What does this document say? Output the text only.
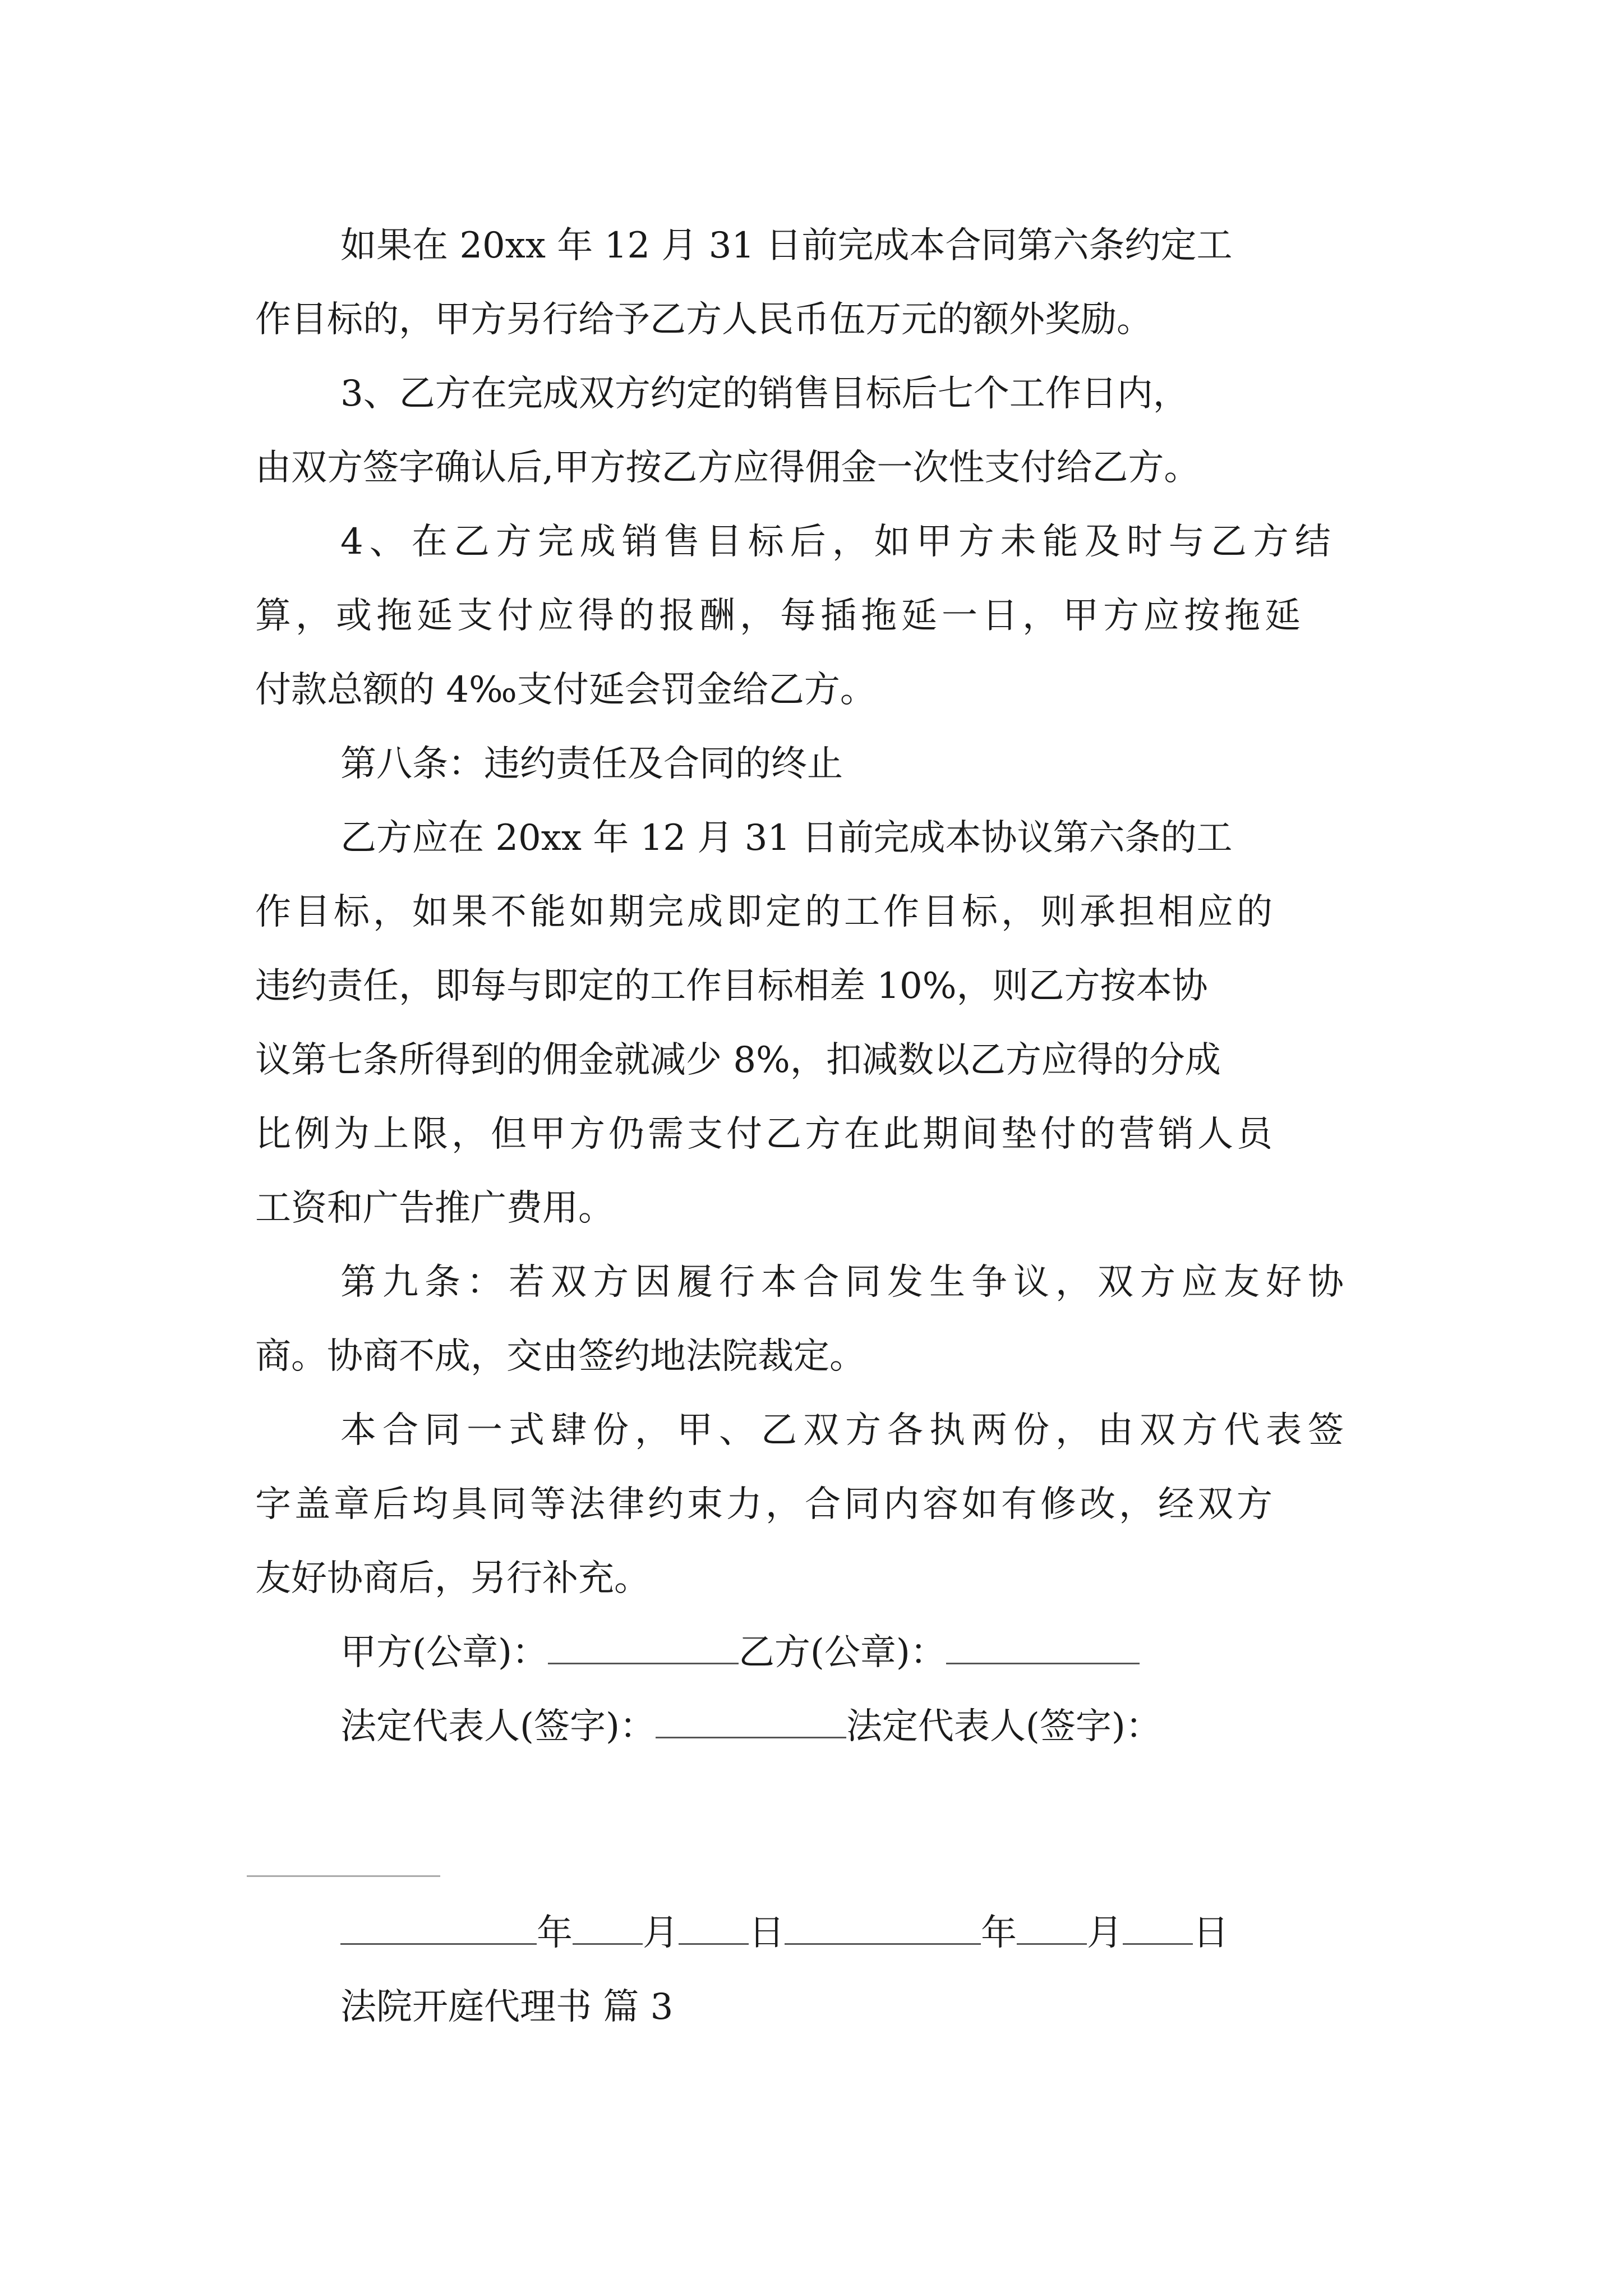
如果在 20xx 年 12 月 31 日前完成本合同第六条约定工
作目标的，甲方另行给予乙方人民币伍万元的额外奖励。
3、乙方在完成双方约定的销售目标后七个工作日内，
由双方签字确认后,甲方按乙方应得佣金一次性支付给乙方。
4、在乙方完成销售目标后，如甲方未能及时与乙方结
算，或拖延支付应得的报酬，每插拖延一日，甲方应按拖延
付款总额的 4‰支付延会罚金给乙方。
第八条：违约责任及合同的终止
乙方应在 20xx 年 12 月 31 日前完成本协议第六条的工
作目标，如果不能如期完成即定的工作目标，则承担相应的
违约责任，即每与即定的工作目标相差 10%，则乙方按本协
议第七条所得到的佣金就减少 8%，扣减数以乙方应得的分成
比例为上限，但甲方仍需支付乙方在此期间垫付的营销人员
工资和广告推广费用。
第九条：若双方因履行本合同发生争议，双方应友好协
商。协商不成，交由签约地法院裁定。
本合同一式肆份，甲、乙双方各执两份，由双方代表签
字盖章后均具同等法律约束力，合同内容如有修改，经双方
友好协商后，另行补充。
甲方(公章)：	乙方(公章)：
法定代表人(签字)：	法定代表人(签字)：
年 月 日	年 月 日
法院开庭代理书 篇 3
